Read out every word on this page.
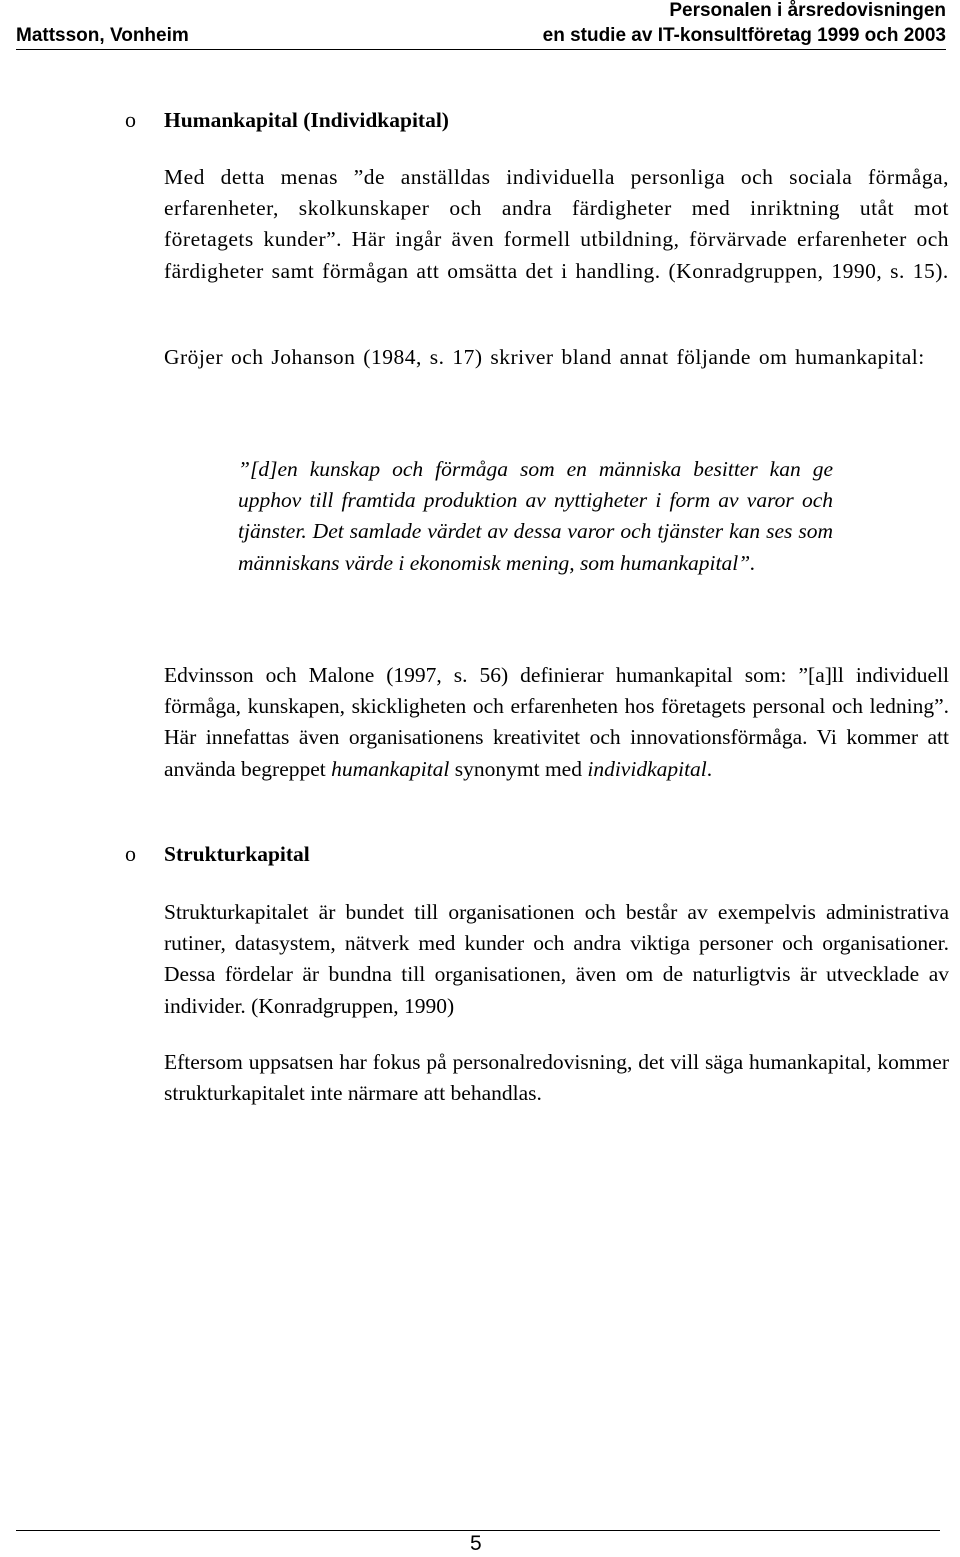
Mattsson, Vonheim
Personalen i årsredovisningen
en studie av IT-konsultföretag 1999 och 2003
o Humankapital (Individkapital)

Med detta menas ”de anställdas individuella personliga och sociala förmåga, erfarenheter, skolkunskaper och andra färdigheter med inriktning utåt mot företagets kunder”. Här ingår även formell utbildning, förvärvade erfarenheter och färdigheter samt förmågan att omsätta det i handling. (Konradgruppen, 1990, s. 15).

Gröjer och Johanson (1984, s. 17) skriver bland annat följande om humankapital:

”[d]en kunskap och förmåga som en människa besitter kan ge upphov till framtida produktion av nyttigheter i form av varor och tjänster. Det samlade värdet av dessa varor och tjänster kan ses som människans värde i ekonomisk mening, som humankapital”.

Edvinsson och Malone (1997, s. 56) definierar humankapital som: ”[a]ll individuell förmåga, kunskapen, skickligheten och erfarenheten hos företagets personal och ledning”. Här innefattas även organisationens kreativitet och innovationsförmåga. Vi kommer att använda begreppet humankapital synonymt med individkapital.

o Strukturkapital

Strukturkapitalet är bundet till organisationen och består av exempelvis administrativa rutiner, datasystem, nätverk med kunder och andra viktiga personer och organisationer. Dessa fördelar är bundna till organisationen, även om de naturligtvis är utvecklade av individer. (Konradgruppen, 1990)

Eftersom uppsatsen har fokus på personalredovisning, det vill säga humankapital, kommer strukturkapitalet inte närmare att behandlas.

5
